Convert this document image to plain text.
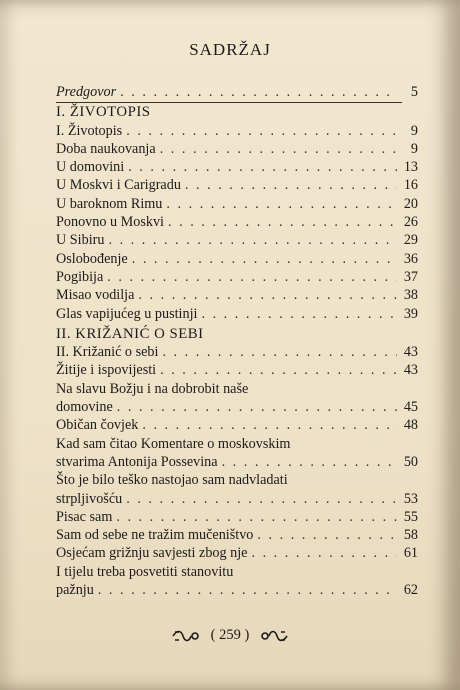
SADRŽAJ
Predgovor . . .	5
I. ŽIVOTOPIS
I. Životopis . . .	9
Doba naukovanja . . .	9
U domovini . . .	13
U Moskvi i Carigradu . . .	16
U baroknom Rimu . . .	20
Ponovno u Moskvi . . .	26
U Sibiru . . .	29
Oslobođenje . . .	36
Pogibija . . .	37
Misao vodilja . . .	38
Glas vapijućeg u pustinji . . .	39
II. KRIŽANIĆ O SEBI
II. Križanić o sebi . . .	43
Žitije i ispovijesti . . .	43
Na slavu Božju i na dobrobit naše
domovine . . .	45
Običan čovjek . . .	48
Kad sam čitao Komentare o moskovskim
stvarima Antonija Possevina . . .	50
Što je bilo teško nastojao sam nadvladati
strpljivošću . . .	53
Pisac sam . . .	55
Sam od sebe ne tražim mučeništvo . . .	58
Osjećam grižnju savjesti zbog nje . . .	61
I tijelu treba posvetiti stanovitu
pažnju . . .	62
( 259 )
